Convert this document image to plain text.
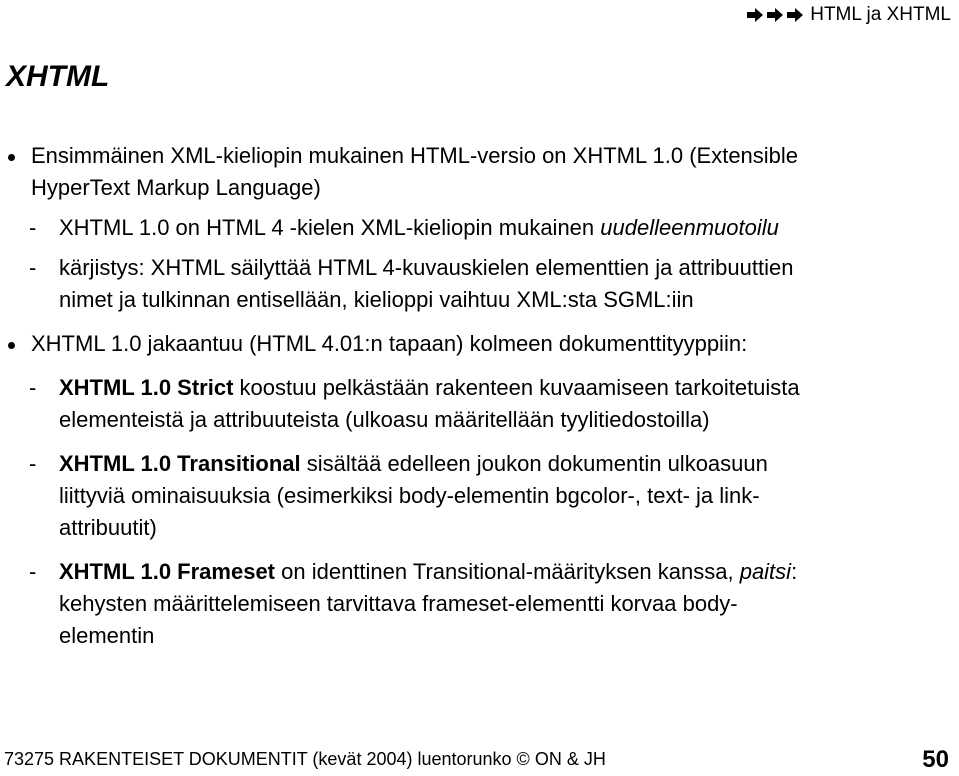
HTML ja XHTML
XHTML
Ensimmäinen XML-kieliopin mukainen HTML-versio on XHTML 1.0 (Extensible
HyperText Markup Language)
- XHTML 1.0 on HTML 4 -kielen XML-kieliopin mukainen uudelleenmuotoilu
- kärjistys: XHTML säilyttää HTML 4-kuvauskielen elementtien ja attribuuttien
nimet ja tulkinnan entisellään, kielioppi vaihtuu XML:sta SGML:iin
XHTML 1.0 jakaantuu (HTML 4.01:n tapaan) kolmeen dokumenttityyppiin:
- XHTML 1.0 Strict koostuu pelkästään rakenteen kuvaamiseen tarkoitetuista
elementeistä ja attribuuteista (ulkoasu määritellään tyylitiedostoilla)
- XHTML 1.0 Transitional sisältää edelleen joukon dokumentin ulkoasuun
liittyviä ominaisuuksia (esimerkiksi body-elementin bgcolor-, text- ja link-
attribuutit)
- XHTML 1.0 Frameset on identtinen Transitional-määrityksen kanssa, paitsi:
kehysten määrittelemiseen tarvittava frameset-elementti korvaa body-
elementin
73275 RAKENTEISET DOKUMENTIT (kevät 2004) luentorunko © ON & JH	50
